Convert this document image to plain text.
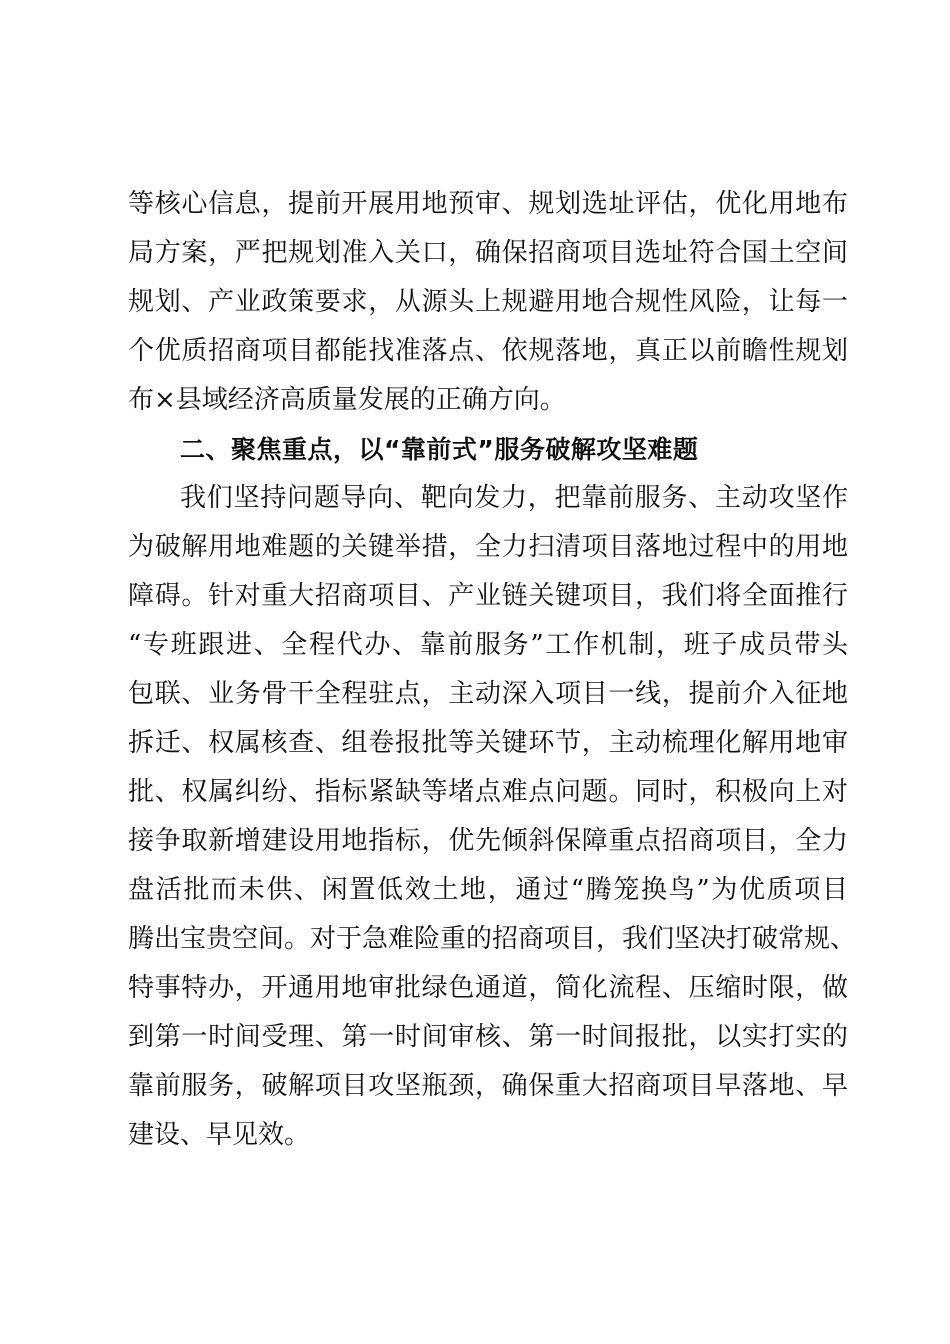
等核心信息，提前开展用地预审、规划选址评估，优化用地布
局方案，严把规划准入关口，确保招商项目选址符合国土空间
规划、产业政策要求，从源头上规避用地合规性风险，让每一
个优质招商项目都能找准落点、依规落地，真正以前瞻性规划
布×县域经济高质量发展的正确方向。
二、聚焦重点，以“靠前式”服务破解攻坚难题
我们坚持问题导向、靶向发力，把靠前服务、主动攻坚作
为破解用地难题的关键举措，全力扫清项目落地过程中的用地
障碍。针对重大招商项目、产业链关键项目，我们将全面推行
“专班跟进、全程代办、靠前服务”工作机制，班子成员带头
包联、业务骨干全程驻点，主动深入项目一线，提前介入征地
拆迁、权属核查、组卷报批等关键环节，主动梳理化解用地审
批、权属纠纷、指标紧缺等堵点难点问题。同时，积极向上对
接争取新增建设用地指标，优先倾斜保障重点招商项目，全力
盘活批而未供、闲置低效土地，通过“腾笼换鸟”为优质项目
腾出宝贵空间。对于急难险重的招商项目，我们坚决打破常规、
特事特办，开通用地审批绿色通道，简化流程、压缩时限，做
到第一时间受理、第一时间审核、第一时间报批，以实打实的
靠前服务，破解项目攻坚瓶颈，确保重大招商项目早落地、早
建设、早见效。
